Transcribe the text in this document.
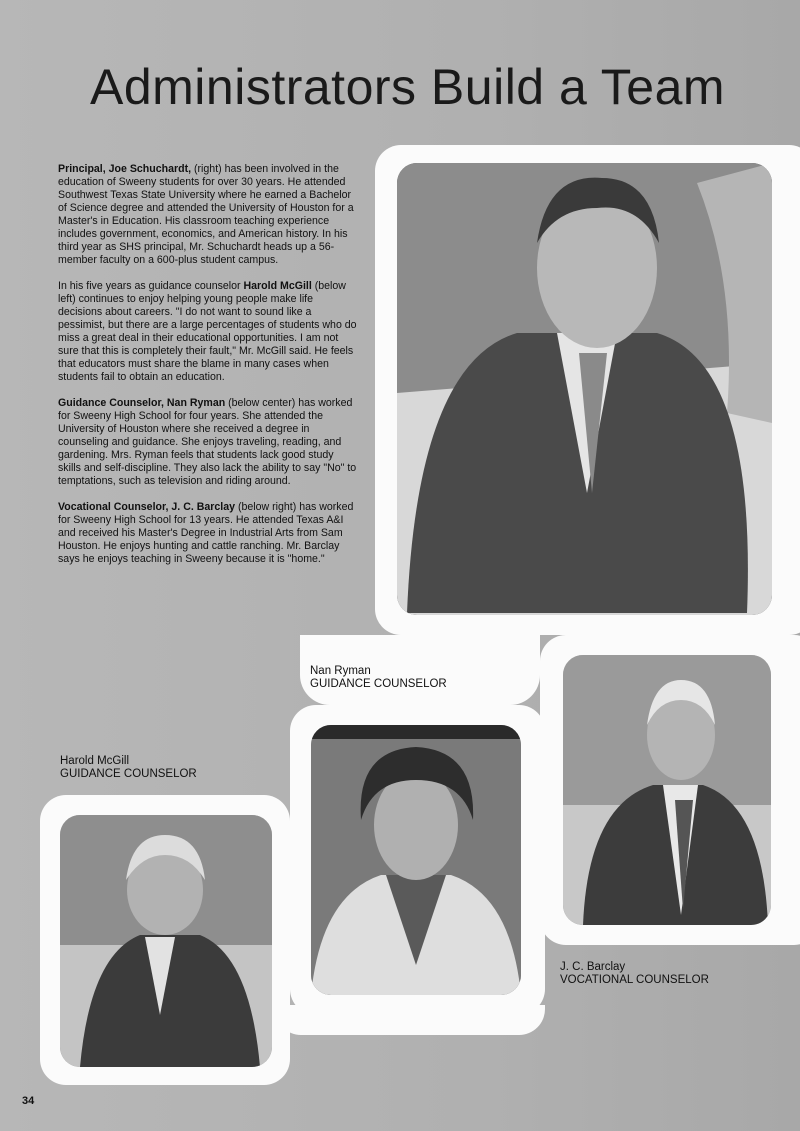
Administrators Build a Team

Principal, Joe Schuchardt, (right) has been involved in the education of Sweeny students for over 30 years. He attended Southwest Texas State University where he earned a Bachelor of Science degree and attended the University of Houston for a Master's in Education. His classroom teaching experience includes government, economics, and American history. In his third year as SHS principal, Mr. Schuchardt heads up a 56-member faculty on a 600-plus student campus.

In his five years as guidance counselor Harold McGill (below left) continues to enjoy helping young people make life decisions about careers. "I do not want to sound like a pessimist, but there are a large percentages of students who do miss a great deal in their educational opportunities. I am not sure that this is completely their fault," Mr. McGill said. He feels that educators must share the blame in many cases when students fail to obtain an education.

Guidance Counselor, Nan Ryman (below center) has worked for Sweeny High School for four years. She attended the University of Houston where she received a degree in counseling and guidance. She enjoys traveling, reading, and gardening. Mrs. Ryman feels that students lack good study skills and self-discipline. They also lack the ability to say "No" to temptations, such as television and riding around.

Vocational Counselor, J. C. Barclay (below right) has worked for Sweeny High School for 13 years. He attended Texas A&I and received his Master's Degree in Industrial Arts from Sam Houston. He enjoys hunting and cattle ranching. Mr. Barclay says he enjoys teaching in Sweeny because it is "home."

Nan Ryman
GUIDANCE COUNSELOR
Harold McGill
GUIDANCE COUNSELOR
J. C. Barclay
VOCATIONAL COUNSELOR
34
